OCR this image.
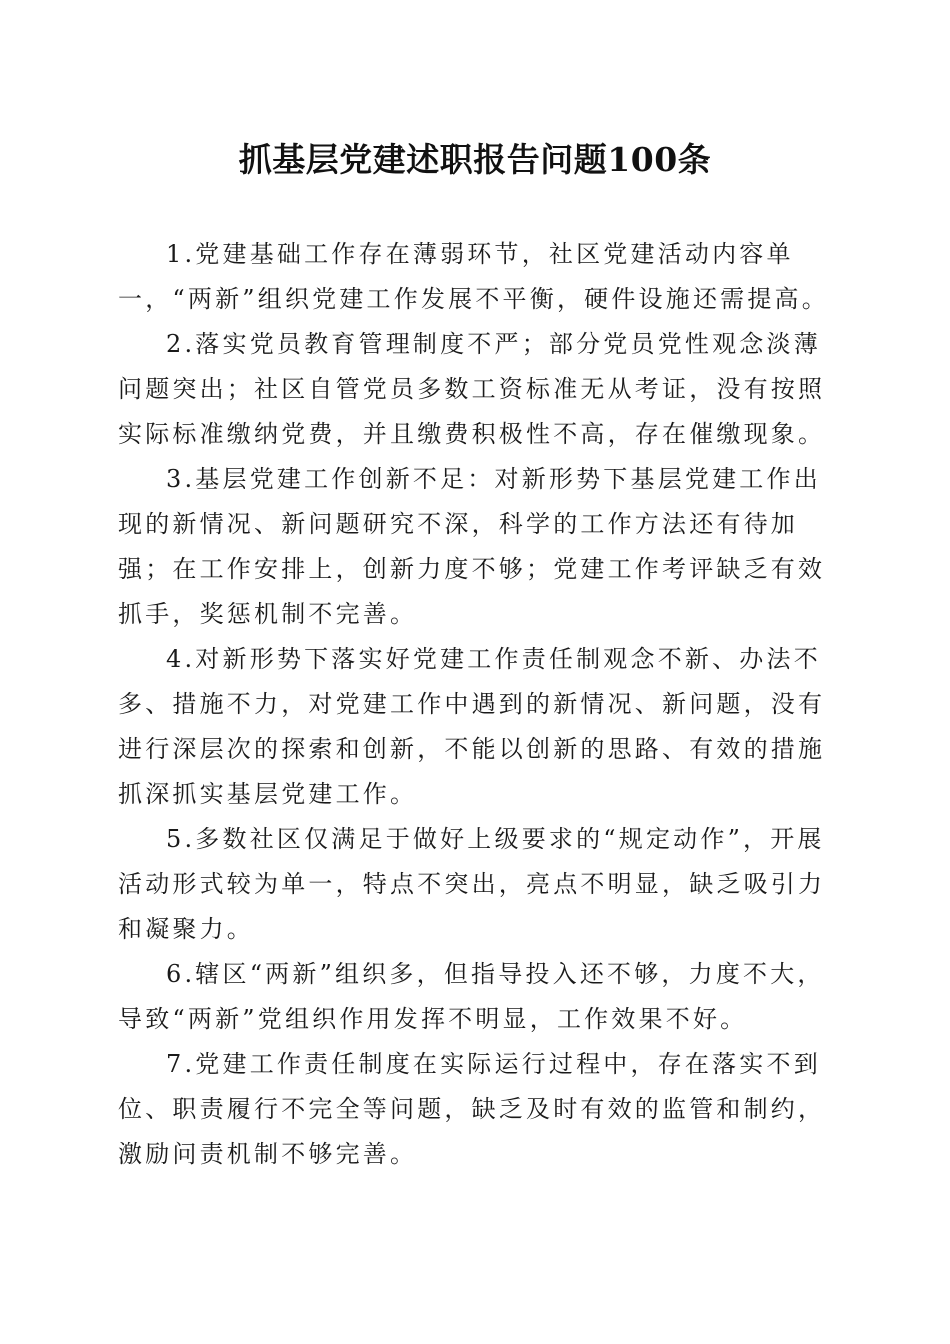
抓基层党建述职报告问题100条

1.党建基础工作存在薄弱环节，社区党建活动内容单一，“两新”组织党建工作发展不平衡，硬件设施还需提高。

2.落实党员教育管理制度不严；部分党员党性观念淡薄问题突出；社区自管党员多数工资标准无从考证，没有按照实际标准缴纳党费，并且缴费积极性不高，存在催缴现象。

3.基层党建工作创新不足：对新形势下基层党建工作出现的新情况、新问题研究不深，科学的工作方法还有待加强；在工作安排上，创新力度不够；党建工作考评缺乏有效抓手，奖惩机制不完善。

4.对新形势下落实好党建工作责任制观念不新、办法不多、措施不力，对党建工作中遇到的新情况、新问题，没有进行深层次的探索和创新，不能以创新的思路、有效的措施抓深抓实基层党建工作。

5.多数社区仅满足于做好上级要求的“规定动作”，开展活动形式较为单一，特点不突出，亮点不明显，缺乏吸引力和凝聚力。

6.辖区“两新”组织多，但指导投入还不够，力度不大，导致“两新”党组织作用发挥不明显，工作效果不好。

7.党建工作责任制度在实际运行过程中，存在落实不到位、职责履行不完全等问题，缺乏及时有效的监管和制约，激励问责机制不够完善。
